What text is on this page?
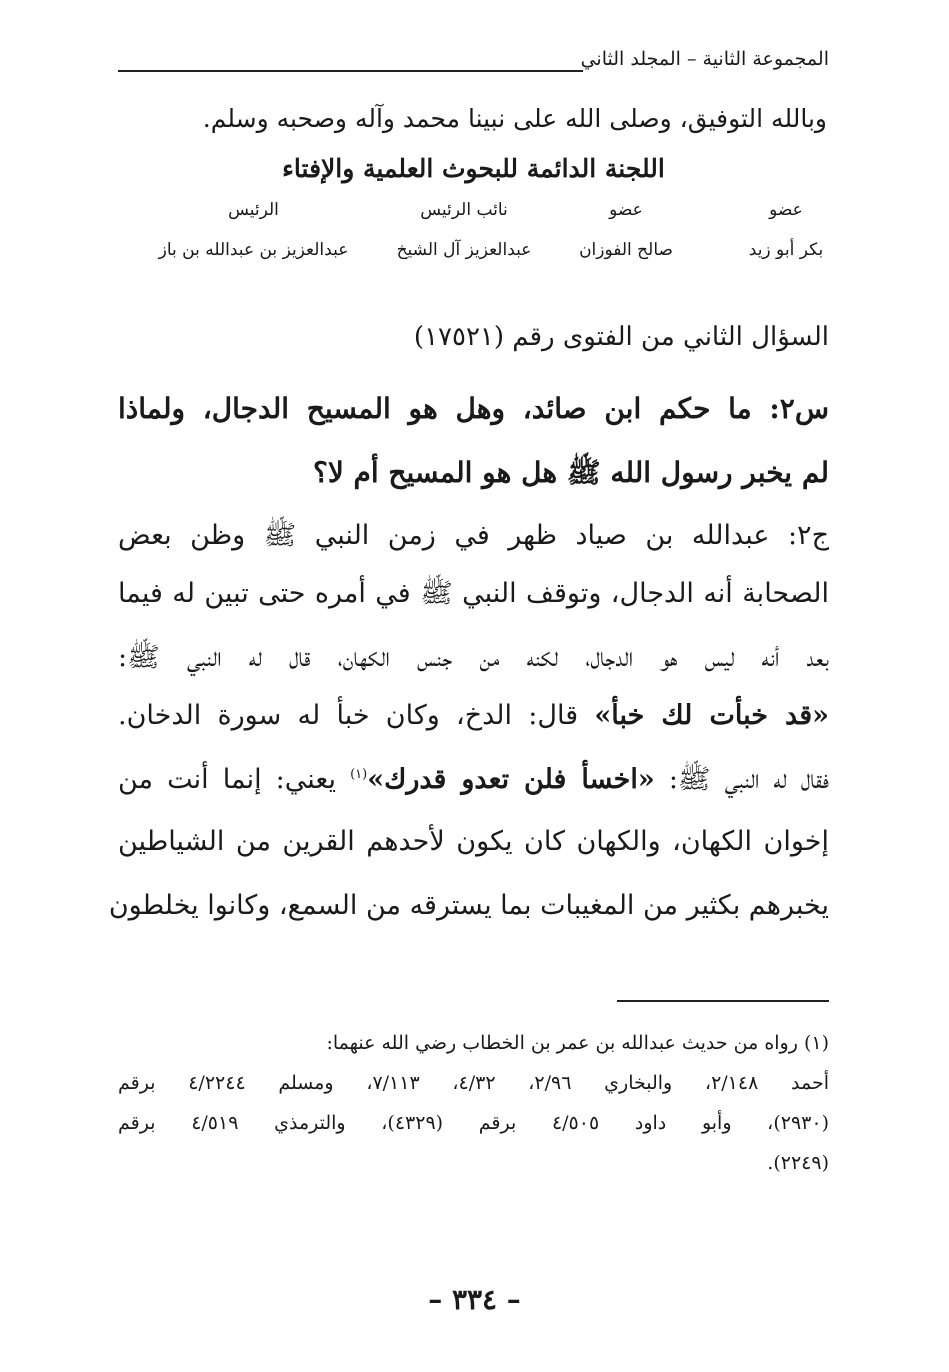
المجموعة الثانية – المجلد الثاني
وبالله التوفيق، وصلى الله على نبينا محمد وآله وصحبه وسلم.
اللجنة الدائمة للبحوث العلمية والإفتاء
عضو
بكر أبو زيد
عضو
صالح الفوزان
نائب الرئيس
عبدالعزيز آل الشيخ
الرئيس
عبدالعزيز بن عبدالله بن باز
السؤال الثاني من الفتوى رقم (١٧٥٢١)
س٢: ما حكم ابن صائد، وهل هو المسيح الدجال، ولماذا
لم يخبر رسول الله ﷺ هل هو المسيح أم لا؟
ج٢: عبدالله بن صياد ظهر في زمن النبي ﷺ وظن بعض
الصحابة أنه الدجال، وتوقف النبي ﷺ في أمره حتى تبين له فيما
بعد أنه ليس هو الدجال، لكنه من جنس الكهان، قال له النبي ﷺ:
«قد خبأت لك خبأ» قال: الدخ، وكان خبأ له سورة الدخان.
فقال له النبي ﷺ: «اخسأ فلن تعدو قدرك»$^{(١)}$ يعني: إنما أنت من
إخوان الكهان، والكهان كان يكون لأحدهم القرين من الشياطين
يخبرهم بكثير من المغيبات بما يسترقه من السمع، وكانوا يخلطون
(١) رواه من حديث عبدالله بن عمر بن الخطاب رضي الله عنهما:
أحمد ٢/١٤٨، والبخاري ٢/٩٦، ٤/٣٢، ٧/١١٣، ومسلم ٤/٢٢٤٤ برقم
(٢٩٣٠)، وأبو داود ٤/٥٠٥ برقم (٤٣٢٩)، والترمذي ٤/٥١٩ برقم
(٢٢٤٩).
– ٣٣٤ –
